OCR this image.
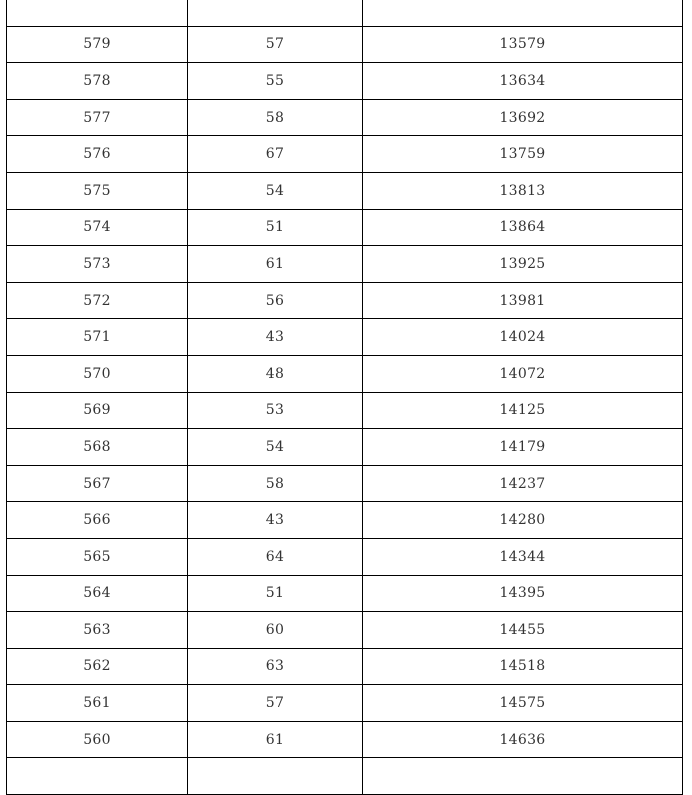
579	57	13579
578	55	13634
577	58	13692
576	67	13759
575	54	13813
574	51	13864
573	61	13925
572	56	13981
571	43	14024
570	48	14072
569	53	14125
568	54	14179
567	58	14237
566	43	14280
565	64	14344
564	51	14395
563	60	14455
562	63	14518
561	57	14575
560	61	14636
